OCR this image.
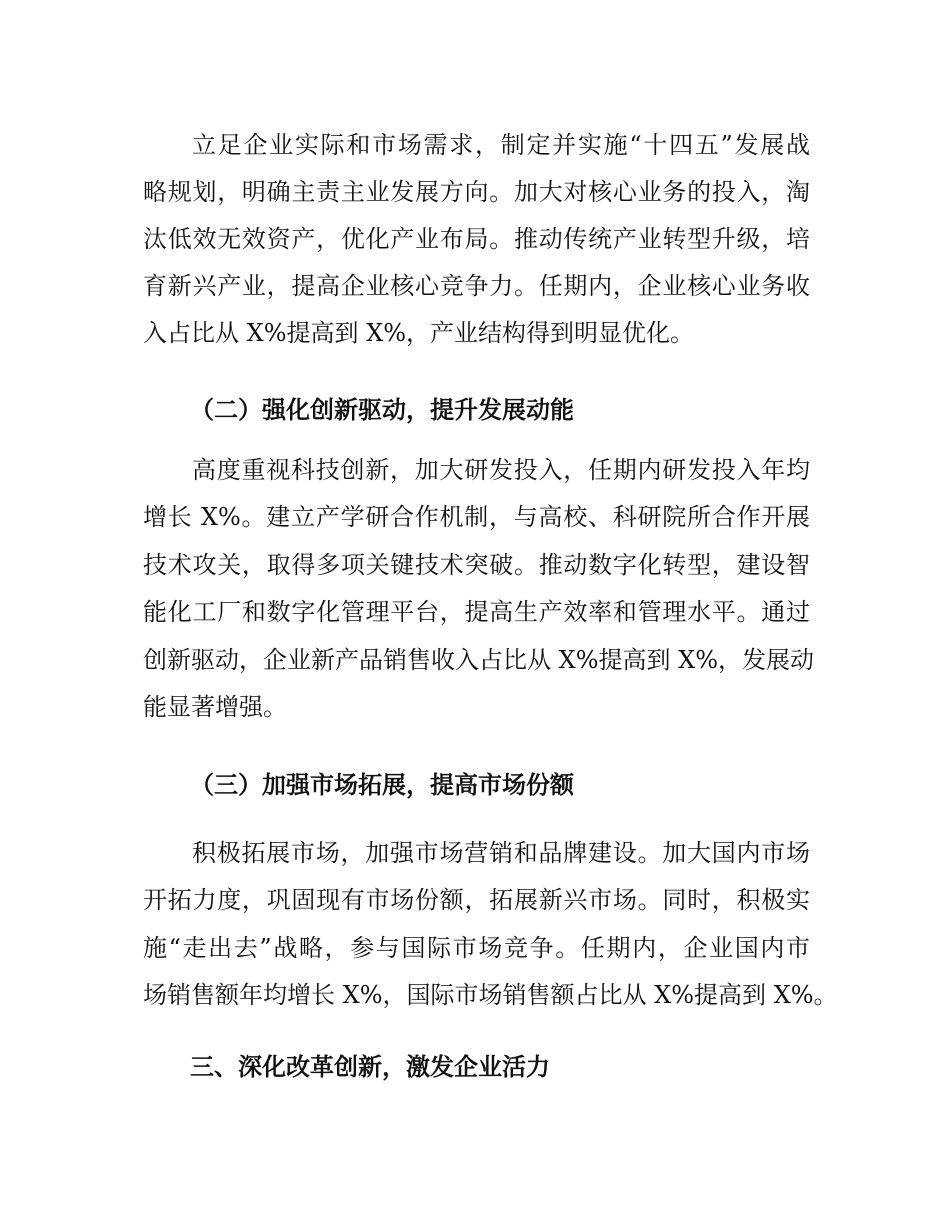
立足企业实际和市场需求，制定并实施“十四五”发展战
略规划，明确主责主业发展方向。加大对核心业务的投入，淘
汰低效无效资产，优化产业布局。推动传统产业转型升级，培
育新兴产业，提高企业核心竞争力。任期内，企业核心业务收
入占比从 X%提高到 X%，产业结构得到明显优化。
（二）强化创新驱动，提升发展动能
高度重视科技创新，加大研发投入，任期内研发投入年均
增长 X%。建立产学研合作机制，与高校、科研院所合作开展
技术攻关，取得多项关键技术突破。推动数字化转型，建设智
能化工厂和数字化管理平台，提高生产效率和管理水平。通过
创新驱动，企业新产品销售收入占比从 X%提高到 X%，发展动
能显著增强。
（三）加强市场拓展，提高市场份额
积极拓展市场，加强市场营销和品牌建设。加大国内市场
开拓力度，巩固现有市场份额，拓展新兴市场。同时，积极实
施“走出去”战略，参与国际市场竞争。任期内，企业国内市
场销售额年均增长 X%，国际市场销售额占比从 X%提高到 X%。
三、深化改革创新，激发企业活力
